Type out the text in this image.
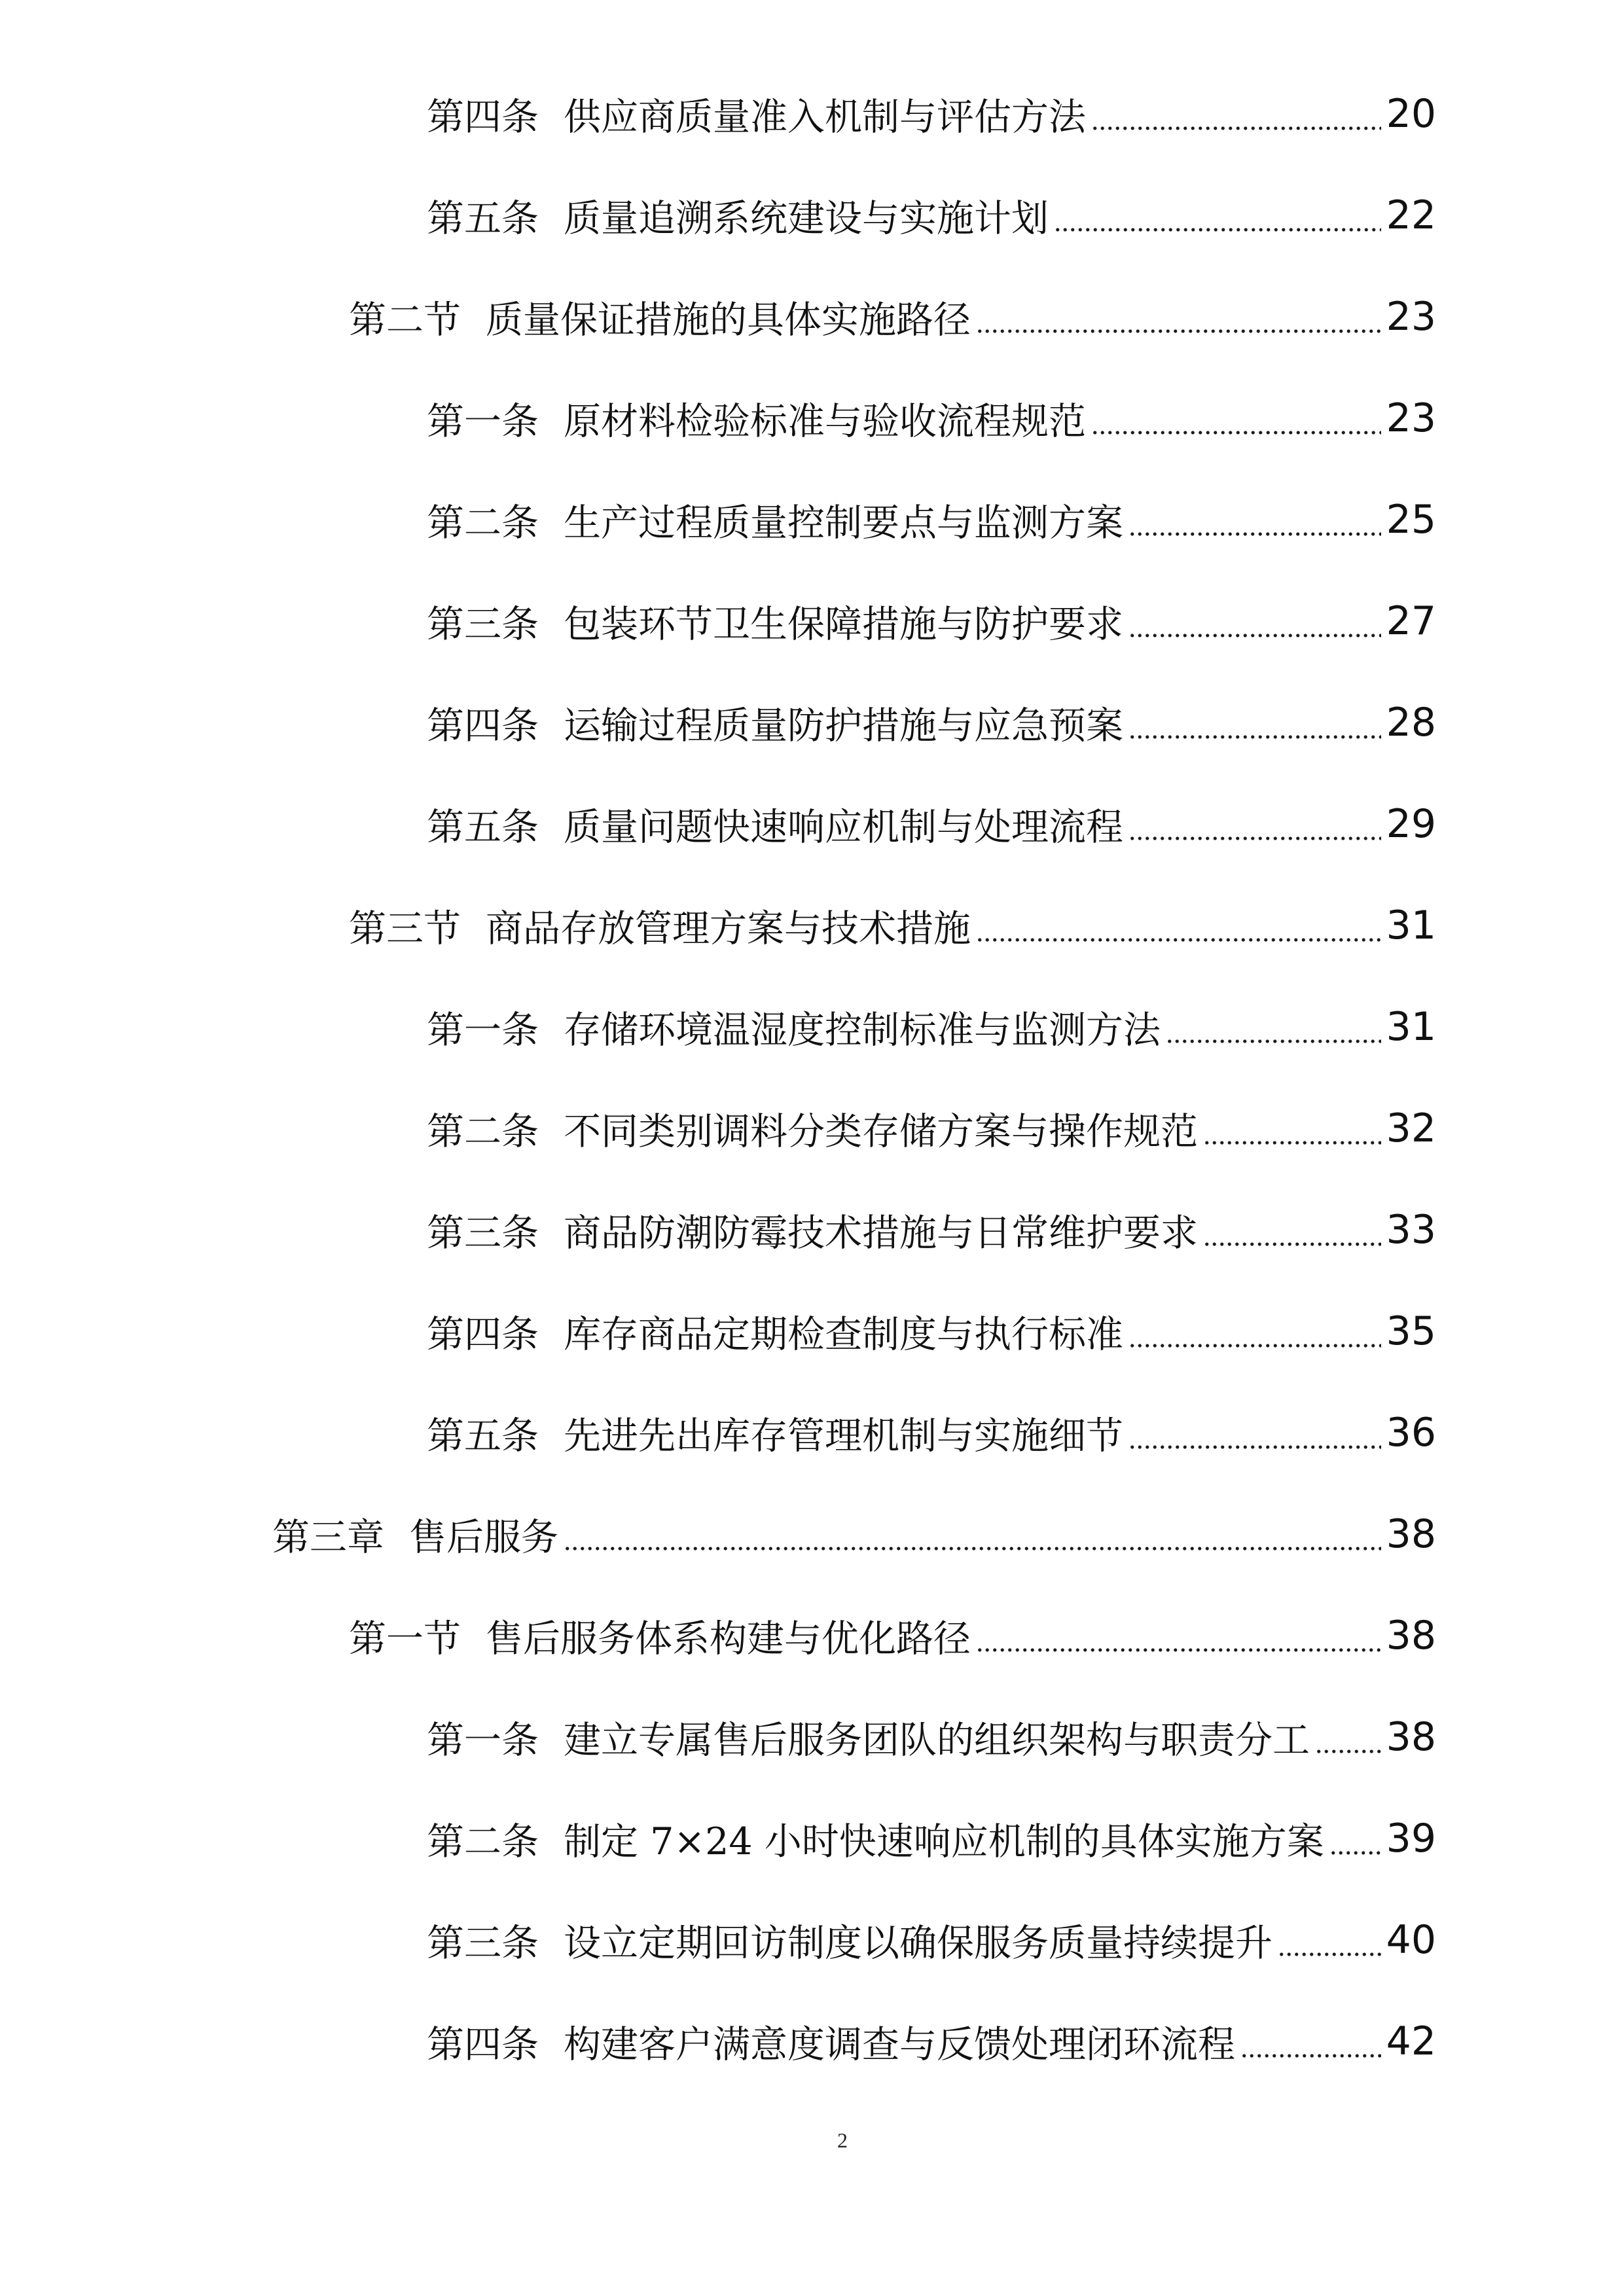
第四条 供应商质量准入机制与评估方法	20
第五条 质量追溯系统建设与实施计划	22
第二节 质量保证措施的具体实施路径	23
第一条 原材料检验标准与验收流程规范	23
第二条 生产过程质量控制要点与监测方案	25
第三条 包装环节卫生保障措施与防护要求	27
第四条 运输过程质量防护措施与应急预案	28
第五条 质量问题快速响应机制与处理流程	29
第三节 商品存放管理方案与技术措施	31
第一条 存储环境温湿度控制标准与监测方法	31
第二条 不同类别调料分类存储方案与操作规范	32
第三条 商品防潮防霉技术措施与日常维护要求	33
第四条 库存商品定期检查制度与执行标准	35
第五条 先进先出库存管理机制与实施细节	36
第三章 售后服务	38
第一节 售后服务体系构建与优化路径	38
第一条 建立专属售后服务团队的组织架构与职责分工 38
第二条 制定 7×24 小时快速响应机制的具体实施方案 39
第三条 设立定期回访制度以确保服务质量持续提升	40
第四条 构建客户满意度调查与反馈处理闭环流程	42
2
